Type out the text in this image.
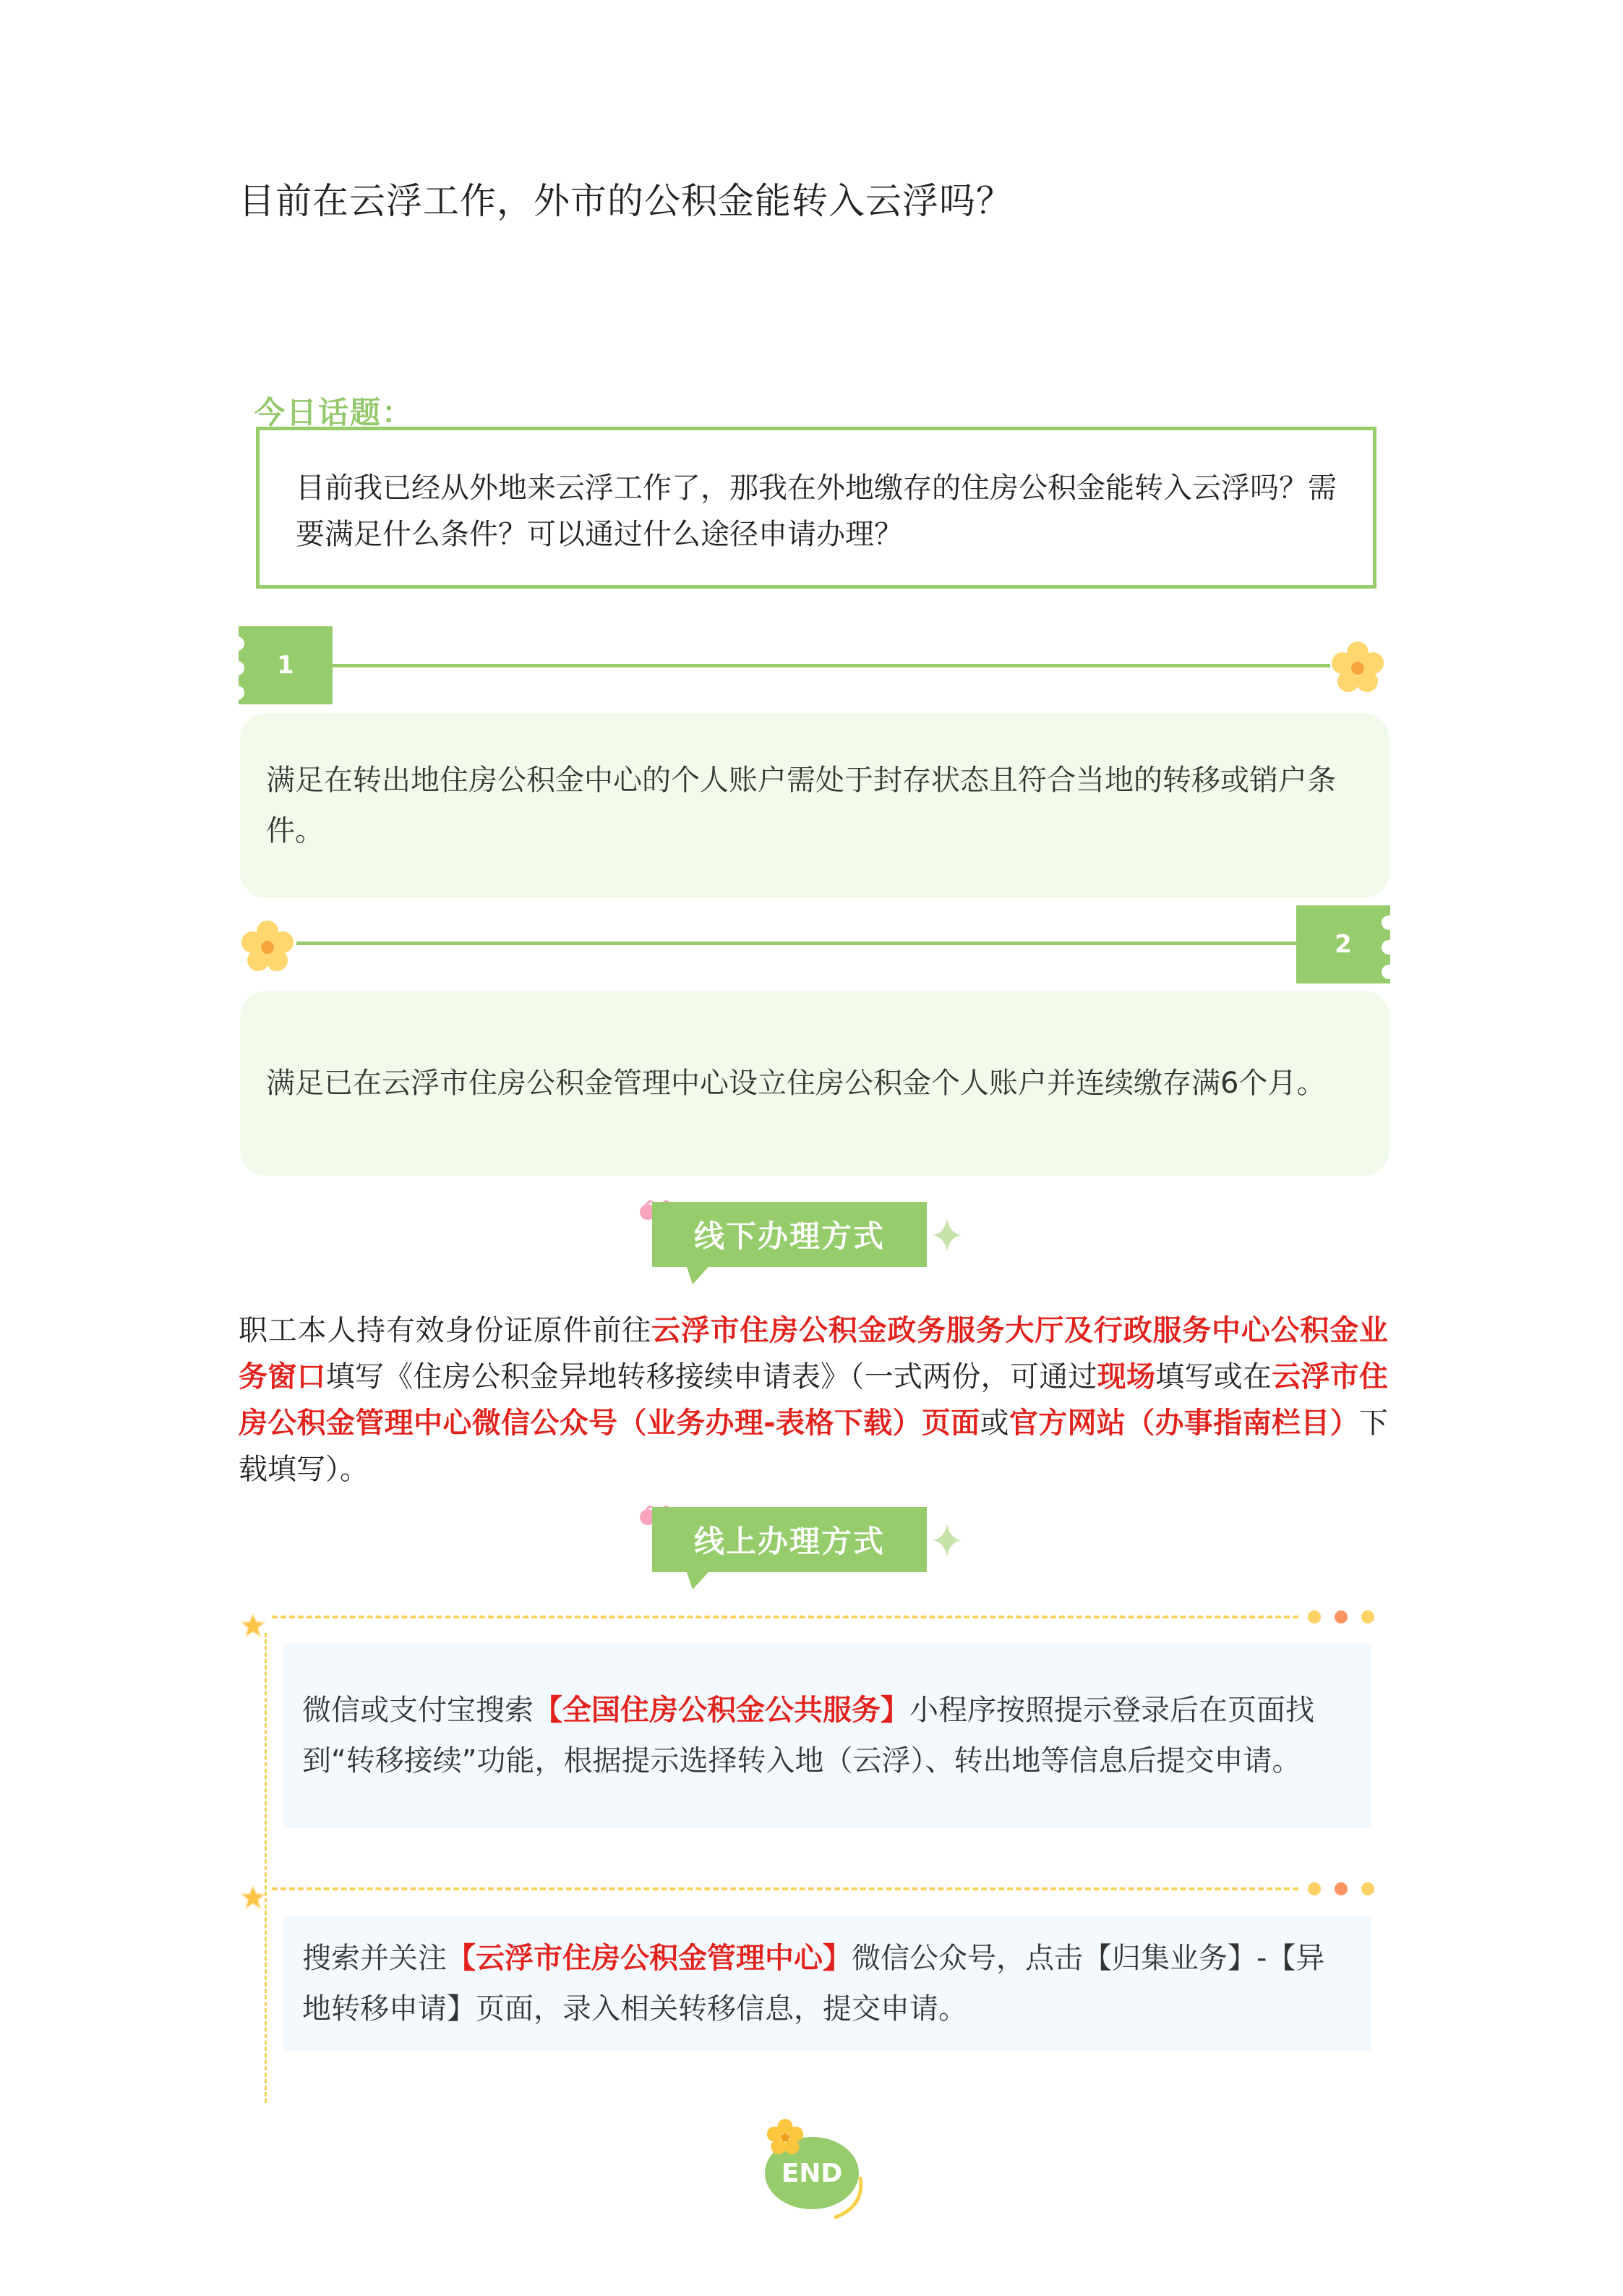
目前在云浮工作，外市的公积金能转入云浮吗？
今日话题：
目前我已经从外地来云浮工作了，那我在外地缴存的住房公积金能转入云浮吗？需要满足什么条件？可以通过什么途径申请办理？
1
满足在转出地住房公积金中心的个人账户需处于封存状态且符合当地的转移或销户条件。
2
满足已在云浮市住房公积金管理中心设立住房公积金个人账户并连续缴存满6个月。
线下办理方式
职工本人持有效身份证原件前往云浮市住房公积金政务服务大厅及行政服务中心公积金业务窗口填写《住房公积金异地转移接续申请表》（一式两份，可通过现场填写或在云浮市住房公积金管理中心微信公众号（业务办理-表格下载）页面或官方网站（办事指南栏目）下载填写）。
线上办理方式
微信或支付宝搜索【全国住房公积金公共服务】小程序按照提示登录后在页面找到“转移接续”功能，根据提示选择转入地（云浮）、转出地等信息后提交申请。
搜索并关注【云浮市住房公积金管理中心】微信公众号，点击【归集业务】-【异地转移申请】页面，录入相关转移信息，提交申请。
END
